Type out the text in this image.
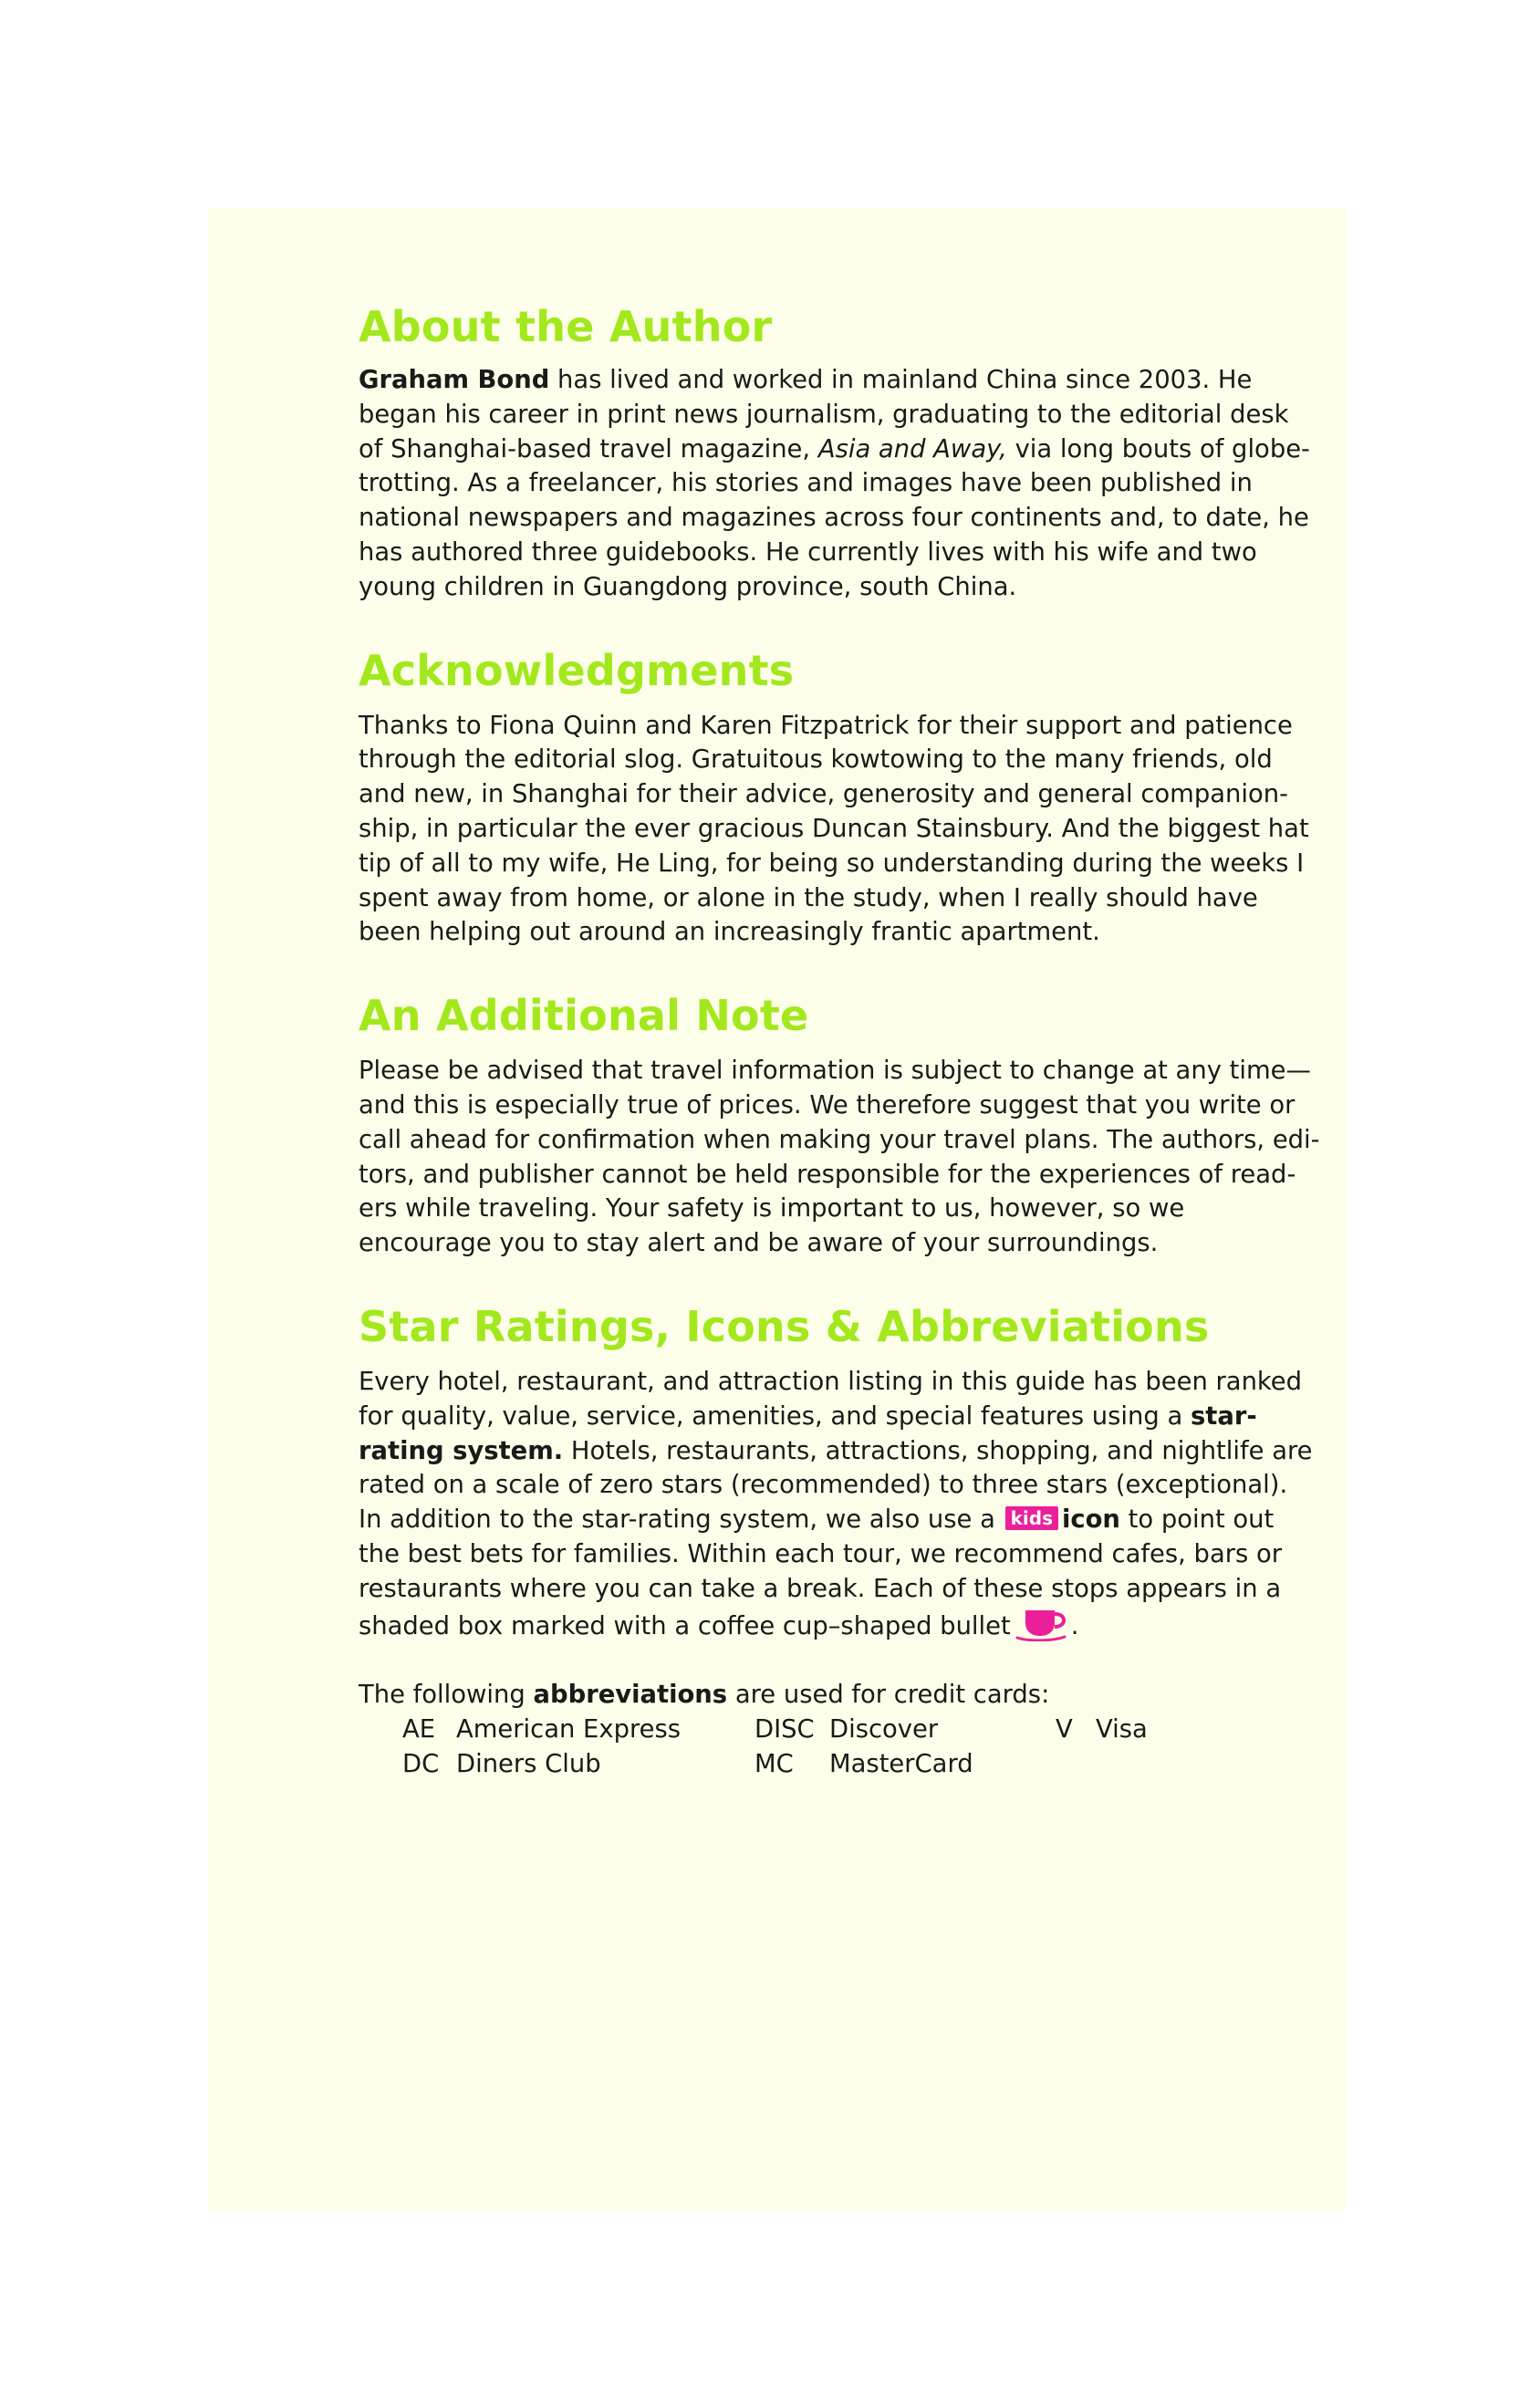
About the Author
Graham Bond has lived and worked in mainland China since 2003. He
began his career in print news journalism, graduating to the editorial desk
of Shanghai-based travel magazine, Asia and Away, via long bouts of globe-
trotting. As a freelancer, his stories and images have been published in
national newspapers and magazines across four continents and, to date, he
has authored three guidebooks. He currently lives with his wife and two
young children in Guangdong province, south China.
Acknowledgments
Thanks to Fiona Quinn and Karen Fitzpatrick for their support and patience
through the editorial slog. Gratuitous kowtowing to the many friends, old
and new, in Shanghai for their advice, generosity and general companion-
ship, in particular the ever gracious Duncan Stainsbury. And the biggest hat
tip of all to my wife, He Ling, for being so understanding during the weeks I
spent away from home, or alone in the study, when I really should have
been helping out around an increasingly frantic apartment.
An Additional Note
Please be advised that travel information is subject to change at any time—
and this is especially true of prices. We therefore suggest that you write or
call ahead for confirmation when making your travel plans. The authors, edi-
tors, and publisher cannot be held responsible for the experiences of read-
ers while traveling. Your safety is important to us, however, so we
encourage you to stay alert and be aware of your surroundings.
Star Ratings, Icons & Abbreviations
Every hotel, restaurant, and attraction listing in this guide has been ranked
for quality, value, service, amenities, and special features using a star-
rating system. Hotels, restaurants, attractions, shopping, and nightlife are
rated on a scale of zero stars (recommended) to three stars (exceptional).
In addition to the star-rating system, we also use a kids icon to point out
the best bets for families. Within each tour, we recommend cafes, bars or
restaurants where you can take a break. Each of these stops appears in a
shaded box marked with a coffee cup–shaped bullet .
The following abbreviations are used for credit cards:
AE American Express
DC Diners Club
DISC Discover
MC MasterCard
V Visa
